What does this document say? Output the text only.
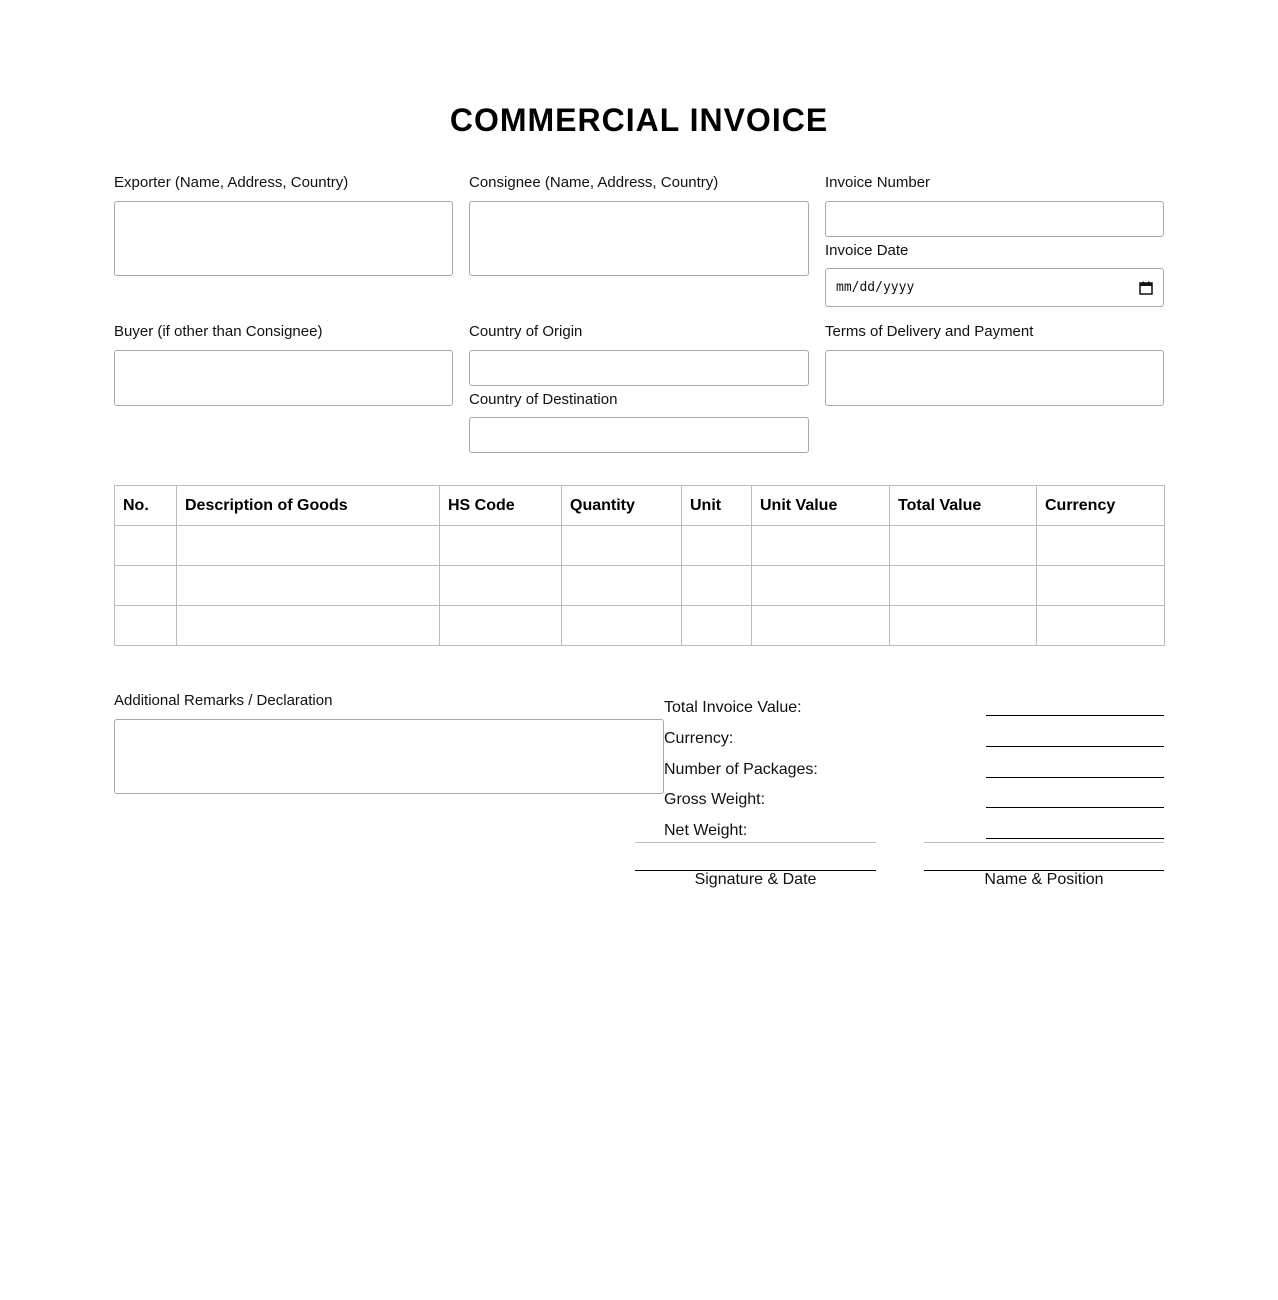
COMMERCIAL INVOICE
Exporter (Name, Address, Country)	Consignee (Name, Address, Country)	Invoice Number
Invoice Date
mm/dd/yyyy
Buyer (if other than Consignee)	Country of Origin
Country of Destination
Terms of Delivery and Payment
No.	Description of Goods	HS Code	Quantity	Unit	Unit Value	Total Value	Currency

Additional Remarks / Declaration	Total Invoice Value:
Currency:
Number of Packages:
Gross Weight:
Net Weight:
Signature & Date	Name & Position
